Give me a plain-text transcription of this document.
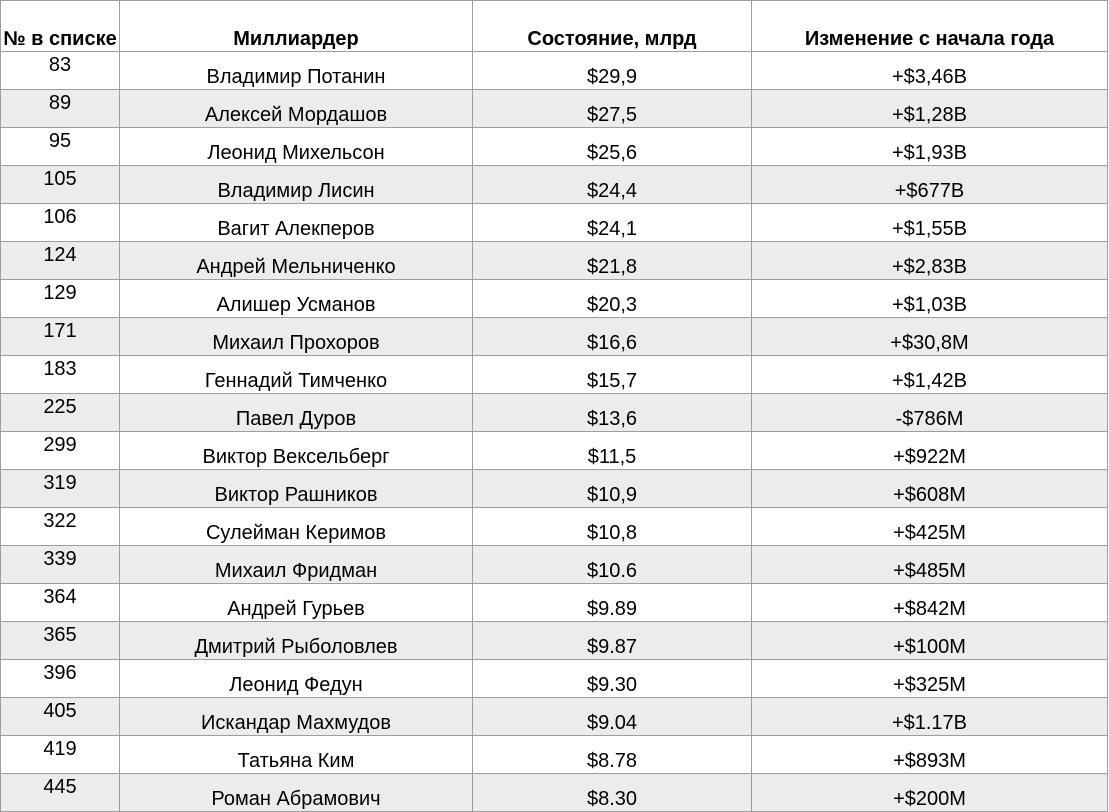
№ в списке	Миллиардер	Состояние, млрд	Изменение с начала года
83	Владимир Потанин	$29,9	+$3,46B
89	Алексей Мордашов	$27,5	+$1,28B
95	Леонид Михельсон	$25,6	+$1,93B
105	Владимир Лисин	$24,4	+$677B
106	Вагит Алекперов	$24,1	+$1,55B
124	Андрей Мельниченко	$21,8	+$2,83B
129	Алишер Усманов	$20,3	+$1,03B
171	Михаил Прохоров	$16,6	+$30,8M
183	Геннадий Тимченко	$15,7	+$1,42B
225	Павел Дуров	$13,6	-$786M
299	Виктор Вексельберг	$11,5	+$922M
319	Виктор Рашников	$10,9	+$608M
322	Сулейман Керимов	$10,8	+$425M
339	Михаил Фридман	$10.6	+$485M
364	Андрей Гурьев	$9.89	+$842M
365	Дмитрий Рыболовлев	$9.87	+$100M
396	Леонид Федун	$9.30	+$325M
405	Искандар Махмудов	$9.04	+$1.17B
419	Татьяна Ким	$8.78	+$893M
445	Роман Абрамович	$8.30	+$200M
